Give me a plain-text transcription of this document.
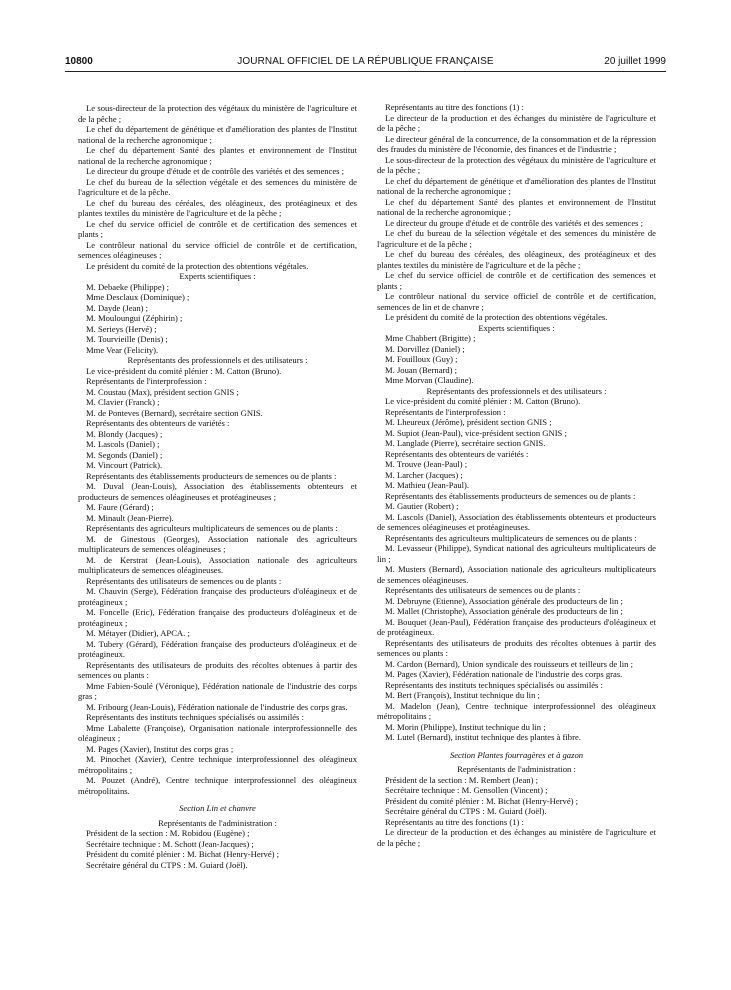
10800	JOURNAL OFFICIEL DE LA RÉPUBLIQUE FRANÇAISE	20 juillet 1999

Le sous-directeur de la protection des végétaux du ministère de l'agriculture et de la pêche ;

Le chef du département de génétique et d'amélioration des plantes de l'Institut national de la recherche agronomique ;

Le chef du département Santé des plantes et environnement de l'Institut national de la recherche agronomique ;

Le directeur du groupe d'étude et de contrôle des variétés et des semences ;

Le chef du bureau de la sélection végétale et des semences du ministère de l'agriculture et de la pêche.

Le chef du bureau des céréales, des oléagineux, des protéagineux et des plantes textiles du ministère de l'agriculture et de la pêche ;

Le chef du service officiel de contrôle et de certification des semences et plants ;

Le contrôleur national du service officiel de contrôle et de certification, semences oléagineuses ;

Le président du comité de la protection des obtentions végétales.

Experts scientifiques :

M. Debaeke (Philippe) ;

Mme Desclaux (Dominique) ;

M. Dayde (Jean) ;

M. Mouloungui (Zéphirin) ;

M. Serieys (Hervé) ;

M. Tourvieille (Denis) ;

Mme Vear (Felicity).

Représentants des professionnels et des utilisateurs :

Le vice-président du comité plénier : M. Catton (Bruno).

Représentants de l'interprofession :

M. Coustau (Max), président section GNIS ;

M. Clavier (Franck) ;

M. de Ponteves (Bernard), secrétaire section GNIS.

Représentants des obtenteurs de variétés :

M. Blondy (Jacques) ;

M. Lascols (Daniel) ;

M. Segonds (Daniel) ;

M. Vincourt (Patrick).

Représentants des établissements producteurs de semences ou de plants :

M. Duval (Jean-Louis), Association des établissements obtenteurs et producteurs de semences oléagineuses et protéagineuses ;

M. Faure (Gérard) ;

M. Minault (Jean-Pierre).

Représentants des agriculteurs multiplicateurs de semences ou de plants :

M. de Ginestous (Georges), Association nationale des agriculteurs multiplicateurs de semences oléagineuses ;

M. de Kerstrat (Jean-Louis), Association nationale des agriculteurs multiplicateurs de semences oléagineuses.

Représentants des utilisateurs de semences ou de plants :

M. Chauvin (Serge), Fédération française des producteurs d'oléagineux et de protéagineux ;

M. Foncelle (Eric), Fédération française des producteurs d'oléagineux et de protéagineux ;

M. Métayer (Didier), APCA. ;

M. Tubery (Gérard), Fédération française des producteurs d'oléagineux et de protéagineux.

Représentants des utilisateurs de produits des récoltes obtenues à partir des semences ou plants :

Mme Fabien-Soulé (Véronique), Fédération nationale de l'industrie des corps gras ;

M. Fribourg (Jean-Louis), Fédération nationale de l'industrie des corps gras.

Représentants des instituts techniques spécialisés ou assimilés :

Mme Labalette (Françoise), Organisation nationale interprofessionnelle des oléagineux ;

M. Pages (Xavier), Institut des corps gras ;

M. Pinochet (Xavier), Centre technique interprofessionnel des oléagineux métropolitains ;

M. Pouzet (André), Centre technique interprofessionnel des oléagineux métropolitains.

Section Lin et chanvre

Représentants de l'administration :

Président de la section : M. Robidou (Eugène) ;

Secrétaire technique : M. Schott (Jean-Jacques) ;

Président du comité plénier : M. Bichat (Henry-Hervé) ;

Secrétaire général du CTPS : M. Guiard (Joël).

Représentants au titre des fonctions (1) :

Le directeur de la production et des échanges du ministère de l'agriculture et de la pêche ;

Le directeur général de la concurrence, de la consommation et de la répression des fraudes du ministère de l'économie, des finances et de l'industrie ;

Le sous-directeur de la protection des végétaux du ministère de l'agriculture et de la pêche ;

Le chef du département de génétique et d'amélioration des plantes de l'Institut national de la recherche agronomique ;

Le chef du département Santé des plantes et environnement de l'Institut national de la recherche agronomique ;

Le directeur du groupe d'étude et de contrôle des variétés et des semences ;

Le chef du bureau de la sélection végétale et des semences du ministère de l'agriculture et de la pêche ;

Le chef du bureau des céréales, des oléagineux, des protéagineux et des plantes textiles du ministère de l'agriculture et de la pêche ;

Le chef du service officiel de contrôle et de certification des semences et plants ;

Le contrôleur national du service officiel de contrôle et de certification, semences de lin et de chanvre ;

Le président du comité de la protection des obtentions végétales.

Experts scientifiques :

Mme Chabbert (Brigitte) ;

M. Dorvillez (Daniel) ;

M. Fouilloux (Guy) ;

M. Jouan (Bernard) ;

Mme Morvan (Claudine).

Représentants des professionnels et des utilisateurs :

Le vice-président du comité plénier : M. Catton (Bruno).

Représentants de l'interprofession :

M. Lheureux (Jérôme), président section GNIS ;

M. Supiot (Jean-Paul), vice-président section GNIS ;

M. Langlade (Pierre), secrétaire section GNIS.

Représentants des obtenteurs de variétés :

M. Trouve (Jean-Paul) ;

M. Larcher (Jacques) ;

M. Mathieu (Jean-Paul).

Représentants des établissements producteurs de semences ou de plants :

M. Gautier (Robert) ;

M. Lascols (Daniel), Association des établissements obtenteurs et producteurs de semences oléagineuses et protéagineuses.

Représentants des agriculteurs multiplicateurs de semences ou de plants :

M. Levasseur (Philippe), Syndicat national des agriculteurs multiplicateurs de lin ;

M. Musters (Bernard), Association nationale des agriculteurs multiplicateurs de semences oléagineuses.

Représentants des utilisateurs de semences ou de plants :

M. Debruyne (Etienne), Association générale des producteurs de lin ;

M. Mallet (Christophe), Association générale des producteurs de lin ;

M. Bouquet (Jean-Paul), Fédération française des producteurs d'oléagineux et de protéagineux.

Représentants des utilisateurs de produits des récoltes obtenues à partir des semences ou plants :

M. Cardon (Bernard), Union syndicale des rouisseurs et teilleurs de lin ;

M. Pages (Xavier), Fédération nationale de l'industrie des corps gras.

Représentants des instituts techniques spécialisés ou assimilés :

M. Bert (François), Institut technique du lin ;

M. Madelon (Jean), Centre technique interprofessionnel des oléagineux métropolitains ;

M. Morin (Philippe), Institut technique du lin ;

M. Lutel (Bernard), institut technique des plantes à fibre.

Section Plantes fourragères et à gazon

Représentants de l'administration :

Président de la section : M. Rembert (Jean) ;

Secrétaire technique : M. Gensollen (Vincent) ;

Président du comité plénier : M. Bichat (Henry-Hervé) ;

Secrétaire général du CTPS : M. Guiard (Joël).

Représentants au titre des fonctions (1) :

Le directeur de la production et des échanges au ministère de l'agriculture et de la pêche ;
